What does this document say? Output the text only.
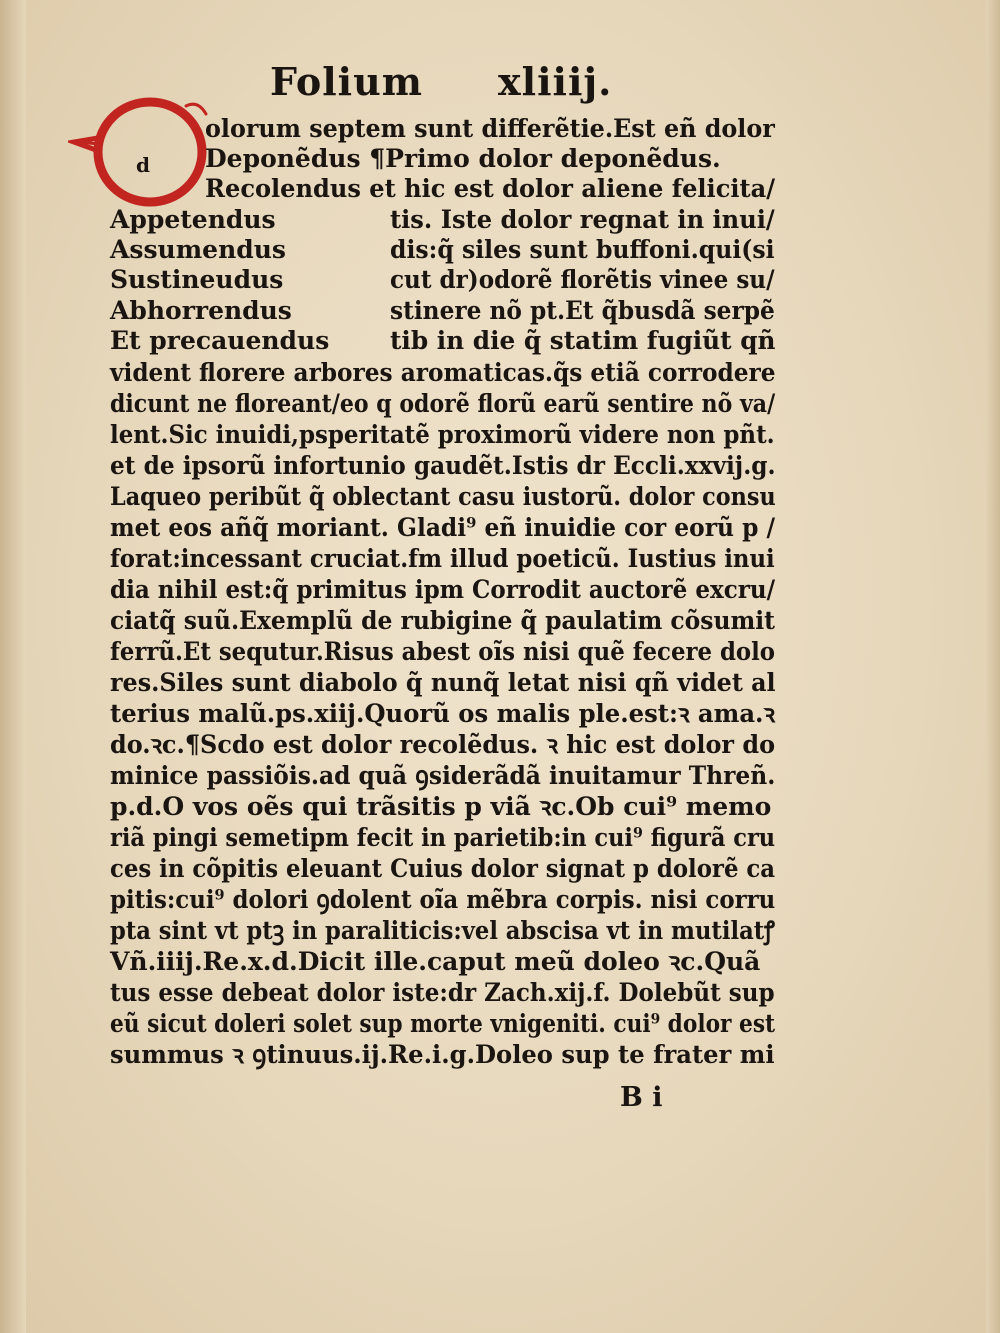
Folium xliiij.
d
olorum septem sunt differẽtie.Est eñ dolor
Deponẽdus ¶Primo dolor deponẽdus.
Recolendus et hic est dolor aliene felicita/
Appetendus
Assumendus
Sustineudus
Abhorrendus
Et precauendus
tis. Iste dolor regnat in inui/
dis:q̃ siles sunt buffoni.qui(si
cut dr)odorẽ florẽtis vinee su/
stinere nõ pt.Et q̃busdã serpẽ
tib in die q̃ statim fugiũt qñ
vident florere arbores aromaticas.q̃s etiã corrodere
dicunt ne floreant/eo q odorẽ florũ earũ sentire nõ va/
lent.Sic inuidi,psperitatẽ proximorũ videre non pñt.
et de ipsorũ infortunio gaudẽt.Istis dr Eccli.xxvij.g.
Laqueo peribũt q̃ oblectant casu iustorũ. dolor consu
met eos añq̃ moriant. Gladi⁹ eñ inuidie cor eorũ p /
forat:incessant cruciat.fm illud poeticũ. Iustius inui
dia nihil est:q̃ primitus ipm Corrodit auctorẽ excru/
ciatq̃ suũ.Exemplũ de rubigine q̃ paulatim cõsumit
ferrũ.Et sequtur.Risus abest oĩs nisi quẽ fecere dolo
res.Siles sunt diabolo q̃ nunq̃ letat nisi qñ videt al
terius malũ.ps.xiij.Quorũ os malis ple.est:ꝛ ama.ꝛ
do.ꝛc.¶Scdo est dolor recolẽdus. ꝛ hic est dolor do
minice passiõis.ad quã ꝯsiderãdã inuitamur Threñ.
p.d.O vos oẽs qui trãsitis p viã ꝛc.Ob cui⁹ memo
riã pingi semetipm fecit in parietib:in cui⁹ figurã cru
ces in cõpitis eleuant Cuius dolor signat p dolorẽ ca
pitis:cui⁹ dolori ꝯdolent oĩa mẽbra corpis. nisi corru
pta sint vt ptꝫ in paraliticis:vel abscisa vt in mutilatꝭ
Vñ.iiij.Re.x.d.Dicit ille.caput meũ doleo ꝛc.Quã
tus esse debeat dolor iste:dr Zach.xij.f. Dolebũt sup
eũ sicut doleri solet sup morte vnigeniti. cui⁹ dolor est
summus ꝛ ꝯtinuus.ij.Re.i.g.Doleo sup te frater mi
B i
